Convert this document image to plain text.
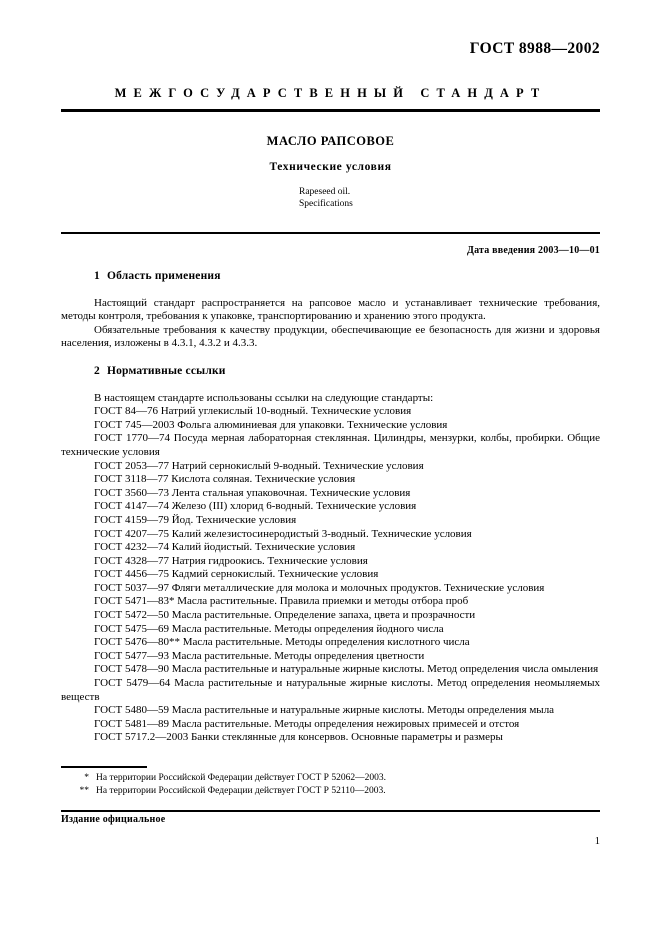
ГОСТ 8988—2002
МЕЖГОСУДАРСТВЕННЫЙ СТАНДАРТ
МАСЛО РАПСОВОЕ
Технические условия
Rapeseed oil.
Specifications
Дата введения 2003—10—01
1 Область применения

Настоящий стандарт распространяется на рапсовое масло и устанавливает технические требования, методы контроля, требования к упаковке, транспортированию и хранению этого продукта.

Обязательные требования к качеству продукции, обеспечивающие ее безопасность для жизни и здоровья населения, изложены в 4.3.1, 4.3.2 и 4.3.3.

2 Нормативные ссылки

В настоящем стандарте использованы ссылки на следующие стандарты:

ГОСТ 84—76 Натрий углекислый 10-водный. Технические условия

ГОСТ 745—2003 Фольга алюминиевая для упаковки. Технические условия

ГОСТ 1770—74 Посуда мерная лабораторная стеклянная. Цилиндры, мензурки, колбы, пробирки. Общие технические условия

ГОСТ 2053—77 Натрий сернокислый 9-водный. Технические условия

ГОСТ 3118—77 Кислота соляная. Технические условия

ГОСТ 3560—73 Лента стальная упаковочная. Технические условия

ГОСТ 4147—74 Железо (III) хлорид 6-водный. Технические условия

ГОСТ 4159—79 Йод. Технические условия

ГОСТ 4207—75 Калий железистосинеродистый 3-водный. Технические условия

ГОСТ 4232—74 Калий йодистый. Технические условия

ГОСТ 4328—77 Натрия гидроокись. Технические условия

ГОСТ 4456—75 Кадмий сернокислый. Технические условия

ГОСТ 5037—97 Фляги металлические для молока и молочных продуктов. Технические условия

ГОСТ 5471—83* Масла растительные. Правила приемки и методы отбора проб

ГОСТ 5472—50 Масла растительные. Определение запаха, цвета и прозрачности

ГОСТ 5475—69 Масла растительные. Методы определения йодного числа

ГОСТ 5476—80** Масла растительные. Методы определения кислотного числа

ГОСТ 5477—93 Масла растительные. Методы определения цветности

ГОСТ 5478—90 Масла растительные и натуральные жирные кислоты. Метод определения числа омыления

ГОСТ 5479—64 Масла растительные и натуральные жирные кислоты. Метод определения неомыляемых веществ

ГОСТ 5480—59 Масла растительные и натуральные жирные кислоты. Методы определения мыла

ГОСТ 5481—89 Масла растительные. Методы определения нежировых примесей и отстоя

ГОСТ 5717.2—2003 Банки стеклянные для консервов. Основные параметры и размеры

* На территории Российской Федерации действует ГОСТ Р 52062—2003.

** На территории Российской Федерации действует ГОСТ Р 52110—2003.

Издание официальное
1
